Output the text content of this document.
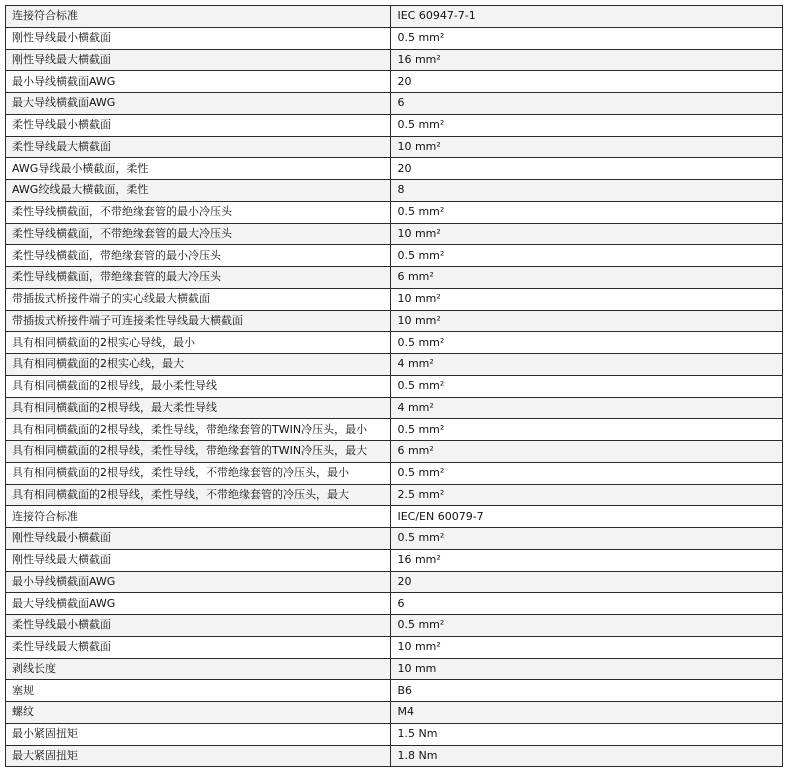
连接符合标准	IEC 60947-7-1
刚性导线最小横截面	0.5 mm²
刚性导线最大横截面	16 mm²
最小导线横截面AWG	20
最大导线横截面AWG	6
柔性导线最小横截面	0.5 mm²
柔性导线最大横截面	10 mm²
AWG导线最小横截面，柔性	20
AWG绞线最大横截面，柔性	8
柔性导线横截面，不带绝缘套管的最小冷压头	0.5 mm²
柔性导线横截面，不带绝缘套管的最大冷压头	10 mm²
柔性导线横截面，带绝缘套管的最小冷压头	0.5 mm²
柔性导线横截面，带绝缘套管的最大冷压头	6 mm²
带插拔式桥接件端子的实心线最大横截面	10 mm²
带插拔式桥接件端子可连接柔性导线最大横截面	10 mm²
具有相同横截面的2根实心导线，最小	0.5 mm²
具有相同横截面的2根实心线，最大	4 mm²
具有相同横截面的2根导线，最小柔性导线	0.5 mm²
具有相同横截面的2根导线，最大柔性导线	4 mm²
具有相同横截面的2根导线，柔性导线，带绝缘套管的TWIN冷压头，最小	0.5 mm²
具有相同横截面的2根导线，柔性导线，带绝缘套管的TWIN冷压头，最大	6 mm²
具有相同横截面的2根导线，柔性导线，不带绝缘套管的冷压头，最小	0.5 mm²
具有相同横截面的2根导线，柔性导线，不带绝缘套管的冷压头，最大	2.5 mm²
连接符合标准	IEC/EN 60079-7
刚性导线最小横截面	0.5 mm²
刚性导线最大横截面	16 mm²
最小导线横截面AWG	20
最大导线横截面AWG	6
柔性导线最小横截面	0.5 mm²
柔性导线最大横截面	10 mm²
剥线长度	10 mm
塞规	B6
螺纹	M4
最小紧固扭矩	1.5 Nm
最大紧固扭矩	1.8 Nm
